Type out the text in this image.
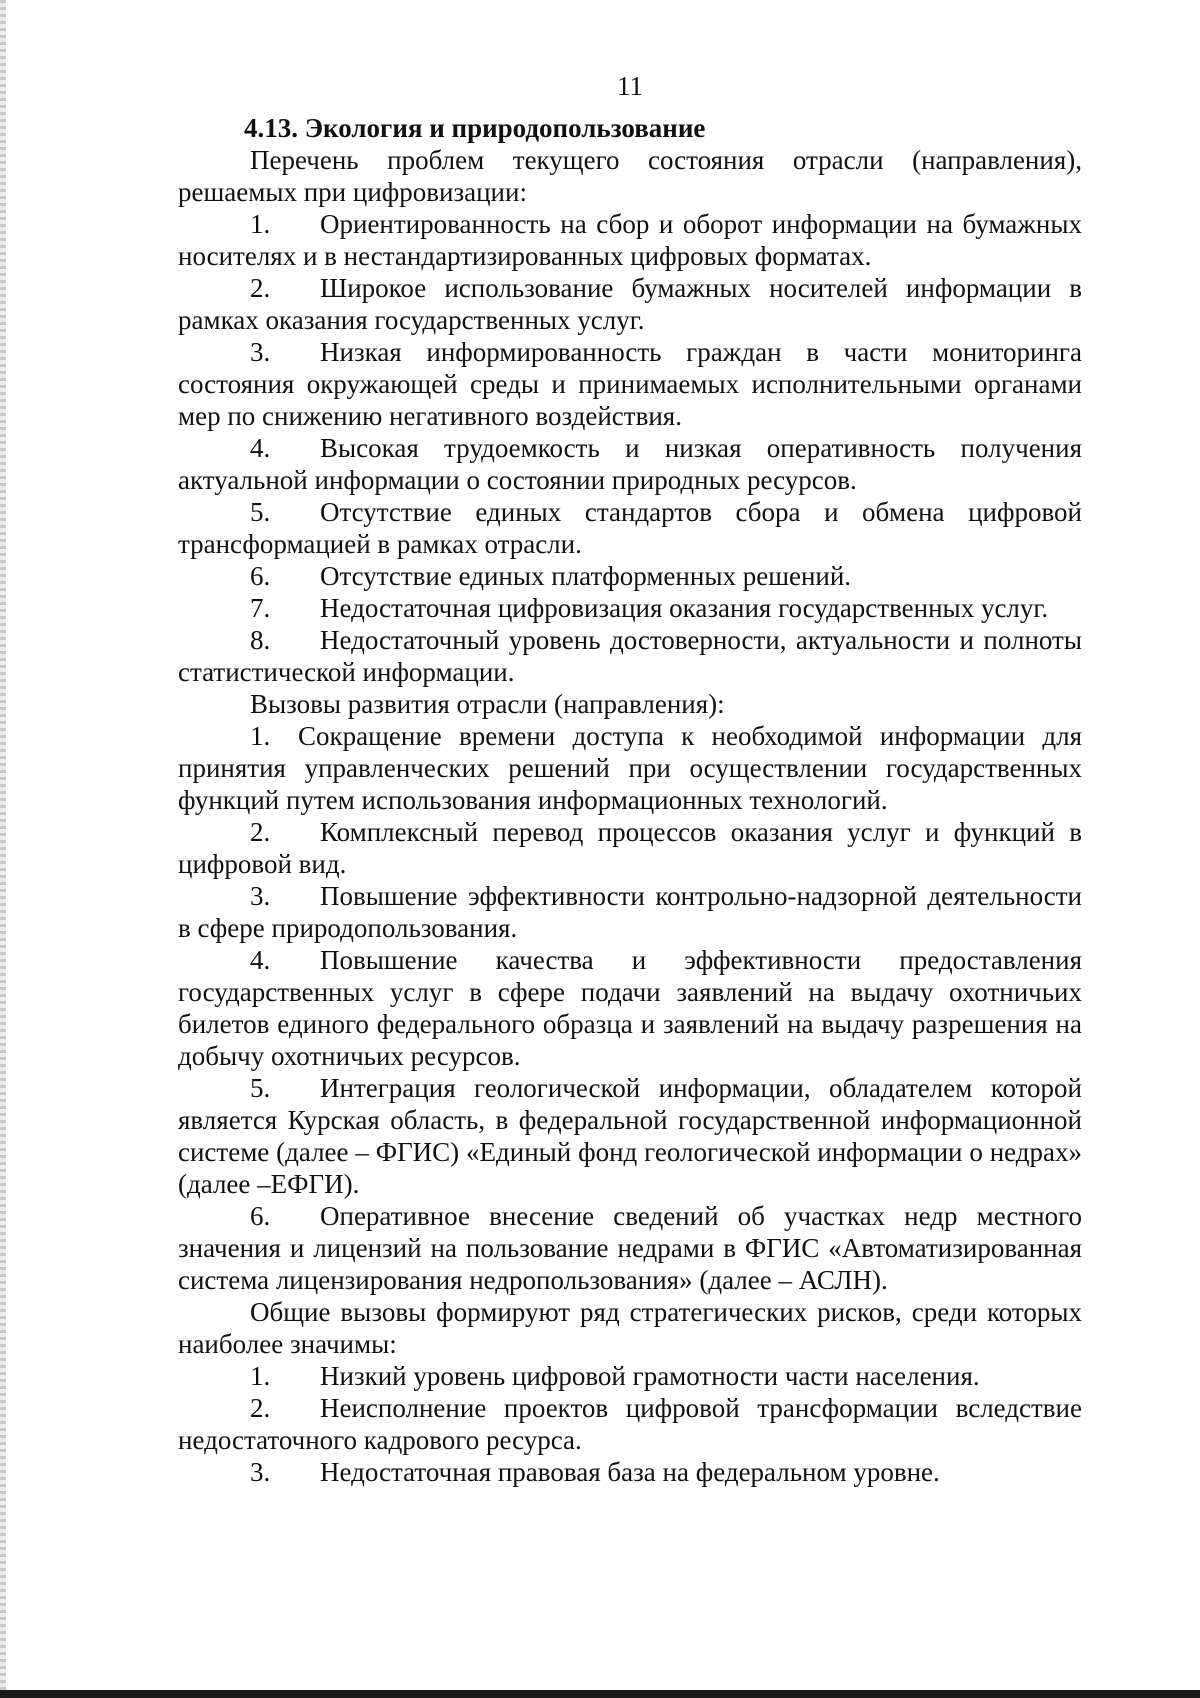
11

4.13. Экология и природопользование

Перечень проблем текущего состояния отрасли (направления), решаемых при цифровизации:

1. Ориентированность на сбор и оборот информации на бумажных носителях и в нестандартизированных цифровых форматах.

2. Широкое использование бумажных носителей информации в рамках оказания государственных услуг.

3. Низкая информированность граждан в части мониторинга состояния окружающей среды и принимаемых исполнительными органами мер по снижению негативного воздействия.

4. Высокая трудоемкость и низкая оперативность получения актуальной информации о состоянии природных ресурсов.

5. Отсутствие единых стандартов сбора и обмена цифровой трансформацией в рамках отрасли.

6. Отсутствие единых платформенных решений.

7. Недостаточная цифровизация оказания государственных услуг.

8. Недостаточный уровень достоверности, актуальности и полноты статистической информации.

Вызовы развития отрасли (направления):

1. Сокращение времени доступа к необходимой информации для принятия управленческих решений при осуществлении государственных функций путем использования информационных технологий.

2. Комплексный перевод процессов оказания услуг и функций в цифровой вид.

3. Повышение эффективности контрольно-надзорной деятельности в сфере природопользования.

4. Повышение качества и эффективности предоставления государственных услуг в сфере подачи заявлений на выдачу охотничьих билетов единого федерального образца и заявлений на выдачу разрешения на добычу охотничьих ресурсов.

5. Интеграция геологической информации, обладателем которой является Курская область, в федеральной государственной информационной системе (далее – ФГИС) «Единый фонд геологической информации о недрах» (далее –ЕФГИ).

6. Оперативное внесение сведений об участках недр местного значения и лицензий на пользование недрами в ФГИС «Автоматизированная система лицензирования недропользования» (далее – АСЛН).

Общие вызовы формируют ряд стратегических рисков, среди которых наиболее значимы:

1. Низкий уровень цифровой грамотности части населения.

2. Неисполнение проектов цифровой трансформации вследствие недостаточного кадрового ресурса.

3. Недостаточная правовая база на федеральном уровне.
